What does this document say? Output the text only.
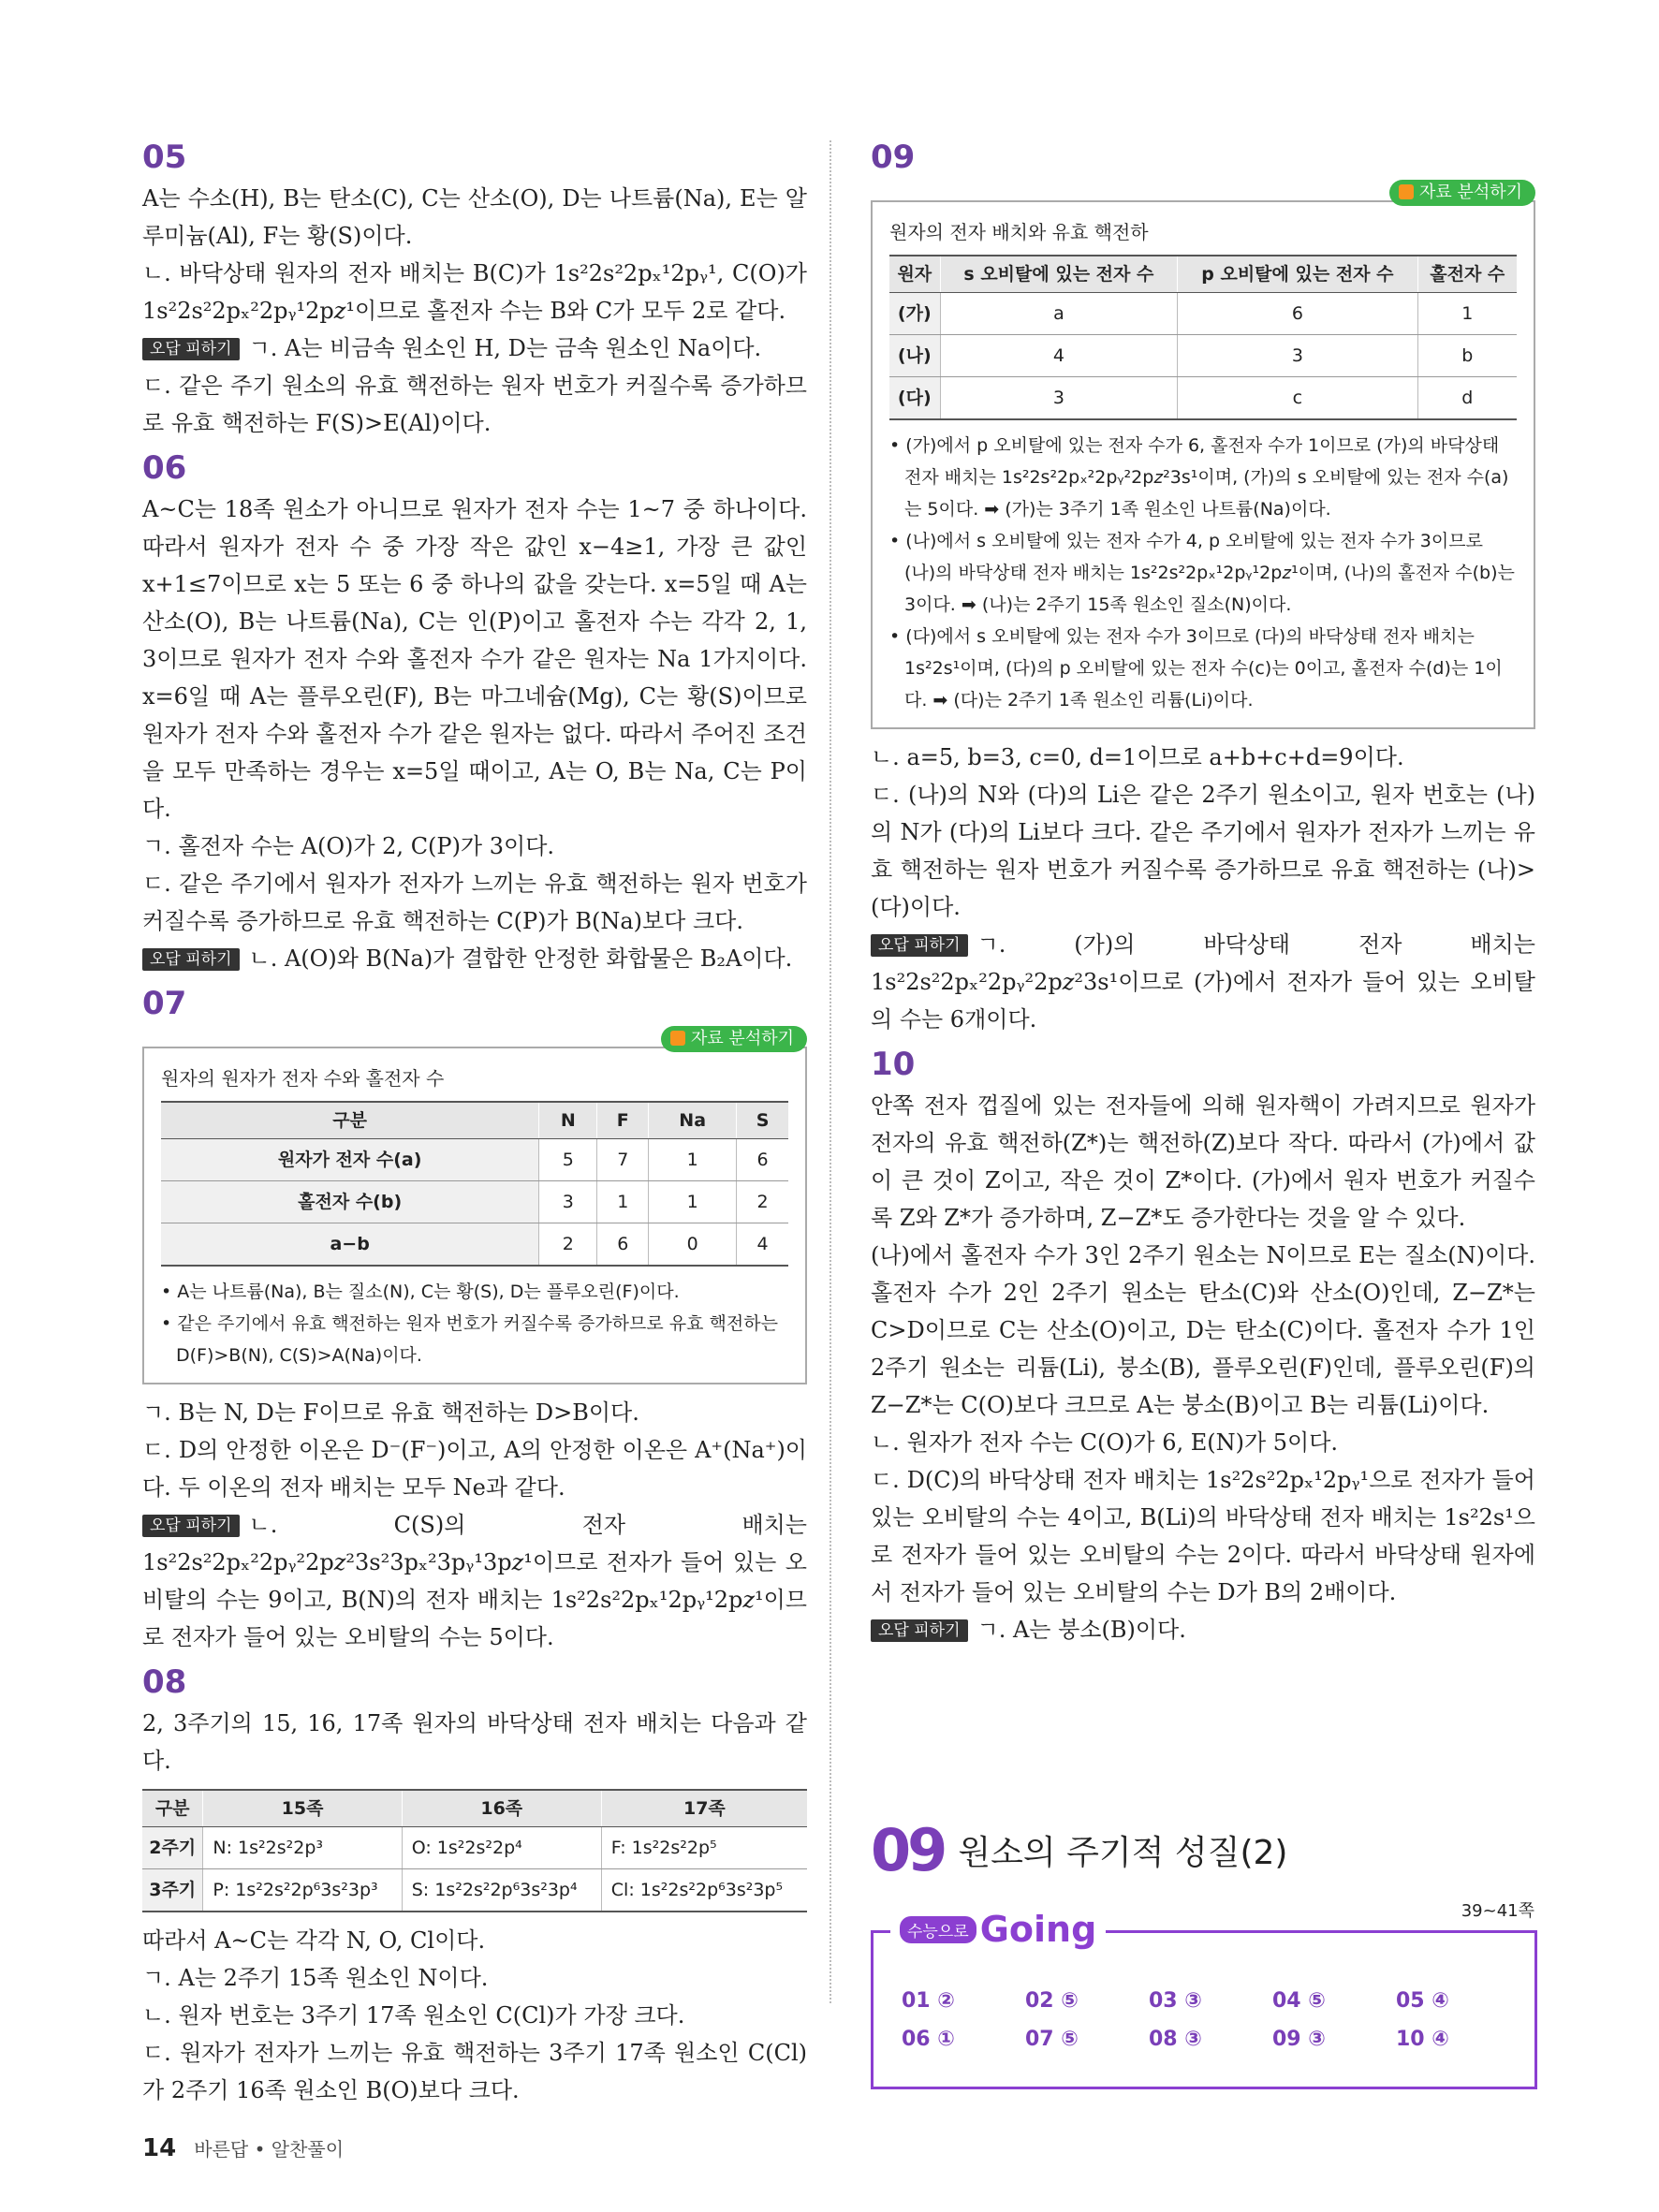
05

A는 수소(H), B는 탄소(C), C는 산소(O), D는 나트륨(Na), E는 알루미늄(Al), F는 황(S)이다.

ㄴ. 바닥상태 원자의 전자 배치는 B(C)가 1s²2s²2pₓ¹2pᵧ¹, C(O)가 1s²2s²2pₓ²2pᵧ¹2p𝑧¹이므로 홀전자 수는 B와 C가 모두 2로 같다.

오답 피하기 ㄱ. A는 비금속 원소인 H, D는 금속 원소인 Na이다.

ㄷ. 같은 주기 원소의 유효 핵전하는 원자 번호가 커질수록 증가하므로 유효 핵전하는 F(S)>E(Al)이다.

06

A~C는 18족 원소가 아니므로 원자가 전자 수는 1~7 중 하나이다. 따라서 원자가 전자 수 중 가장 작은 값인 x−4≥1, 가장 큰 값인 x+1≤7이므로 x는 5 또는 6 중 하나의 값을 갖는다. x=5일 때 A는 산소(O), B는 나트륨(Na), C는 인(P)이고 홀전자 수는 각각 2, 1, 3이므로 원자가 전자 수와 홀전자 수가 같은 원자는 Na 1가지이다. x=6일 때 A는 플루오린(F), B는 마그네슘(Mg), C는 황(S)이므로 원자가 전자 수와 홀전자 수가 같은 원자는 없다. 따라서 주어진 조건을 모두 만족하는 경우는 x=5일 때이고, A는 O, B는 Na, C는 P이다.

ㄱ. 홀전자 수는 A(O)가 2, C(P)가 3이다.

ㄷ. 같은 주기에서 원자가 전자가 느끼는 유효 핵전하는 원자 번호가 커질수록 증가하므로 유효 핵전하는 C(P)가 B(Na)보다 크다.

오답 피하기 ㄴ. A(O)와 B(Na)가 결합한 안정한 화합물은 B₂A이다.

07
자료 분석하기
원자의 원자가 전자 수와 홀전자 수
구분	N	F	Na	S
원자가 전자 수(a)	5	7	1	6
홀전자 수(b)	3	1	1	2
a−b	2	6	0	4
• A는 나트륨(Na), B는 질소(N), C는 황(S), D는 플루오린(F)이다.
• 같은 주기에서 유효 핵전하는 원자 번호가 커질수록 증가하므로 유효 핵전하는 D(F)>B(N), C(S)>A(Na)이다.

ㄱ. B는 N, D는 F이므로 유효 핵전하는 D>B이다.

ㄷ. D의 안정한 이온은 D⁻(F⁻)이고, A의 안정한 이온은 A⁺(Na⁺)이다. 두 이온의 전자 배치는 모두 Ne과 같다.

오답 피하기 ㄴ. C(S)의 전자 배치는 1s²2s²2pₓ²2pᵧ²2p𝑧²3s²3pₓ²3pᵧ¹3p𝑧¹이므로 전자가 들어 있는 오비탈의 수는 9이고, B(N)의 전자 배치는 1s²2s²2pₓ¹2pᵧ¹2p𝑧¹이므로 전자가 들어 있는 오비탈의 수는 5이다.

08

2, 3주기의 15, 16, 17족 원자의 바닥상태 전자 배치는 다음과 같다.

구분	15족	16족	17족
2주기	N: 1s²2s²2p³	O: 1s²2s²2p⁴	F: 1s²2s²2p⁵
3주기	P: 1s²2s²2p⁶3s²3p³	S: 1s²2s²2p⁶3s²3p⁴	Cl: 1s²2s²2p⁶3s²3p⁵

따라서 A~C는 각각 N, O, Cl이다.

ㄱ. A는 2주기 15족 원소인 N이다.

ㄴ. 원자 번호는 3주기 17족 원소인 C(Cl)가 가장 크다.

ㄷ. 원자가 전자가 느끼는 유효 핵전하는 3주기 17족 원소인 C(Cl)가 2주기 16족 원소인 B(O)보다 크다.

09
자료 분석하기
원자의 전자 배치와 유효 핵전하
원자	s 오비탈에 있는 전자 수	p 오비탈에 있는 전자 수	홀전자 수
(가)	a	6	1
(나)	4	3	b
(다)	3	c	d
• (가)에서 p 오비탈에 있는 전자 수가 6, 홀전자 수가 1이므로 (가)의 바닥상태 전자 배치는 1s²2s²2pₓ²2pᵧ²2p𝑧²3s¹이며, (가)의 s 오비탈에 있는 전자 수(a)는 5이다. ➡ (가)는 3주기 1족 원소인 나트륨(Na)이다.
• (나)에서 s 오비탈에 있는 전자 수가 4, p 오비탈에 있는 전자 수가 3이므로 (나)의 바닥상태 전자 배치는 1s²2s²2pₓ¹2pᵧ¹2p𝑧¹이며, (나)의 홀전자 수(b)는 3이다. ➡ (나)는 2주기 15족 원소인 질소(N)이다.
• (다)에서 s 오비탈에 있는 전자 수가 3이므로 (다)의 바닥상태 전자 배치는 1s²2s¹이며, (다)의 p 오비탈에 있는 전자 수(c)는 0이고, 홀전자 수(d)는 1이다. ➡ (다)는 2주기 1족 원소인 리튬(Li)이다.

ㄴ. a=5, b=3, c=0, d=1이므로 a+b+c+d=9이다.

ㄷ. (나)의 N와 (다)의 Li은 같은 2주기 원소이고, 원자 번호는 (나)의 N가 (다)의 Li보다 크다. 같은 주기에서 원자가 전자가 느끼는 유효 핵전하는 원자 번호가 커질수록 증가하므로 유효 핵전하는 (나)>(다)이다.

오답 피하기 ㄱ. (가)의 바닥상태 전자 배치는 1s²2s²2pₓ²2pᵧ²2p𝑧²3s¹이므로 (가)에서 전자가 들어 있는 오비탈의 수는 6개이다.

10

안쪽 전자 껍질에 있는 전자들에 의해 원자핵이 가려지므로 원자가 전자의 유효 핵전하(Z*)는 핵전하(Z)보다 작다. 따라서 (가)에서 값이 큰 것이 Z이고, 작은 것이 Z*이다. (가)에서 원자 번호가 커질수록 Z와 Z*가 증가하며, Z−Z*도 증가한다는 것을 알 수 있다.

(나)에서 홀전자 수가 3인 2주기 원소는 N이므로 E는 질소(N)이다. 홀전자 수가 2인 2주기 원소는 탄소(C)와 산소(O)인데, Z−Z*는 C>D이므로 C는 산소(O)이고, D는 탄소(C)이다. 홀전자 수가 1인 2주기 원소는 리튬(Li), 붕소(B), 플루오린(F)인데, 플루오린(F)의 Z−Z*는 C(O)보다 크므로 A는 붕소(B)이고 B는 리튬(Li)이다.

ㄴ. 원자가 전자 수는 C(O)가 6, E(N)가 5이다.

ㄷ. D(C)의 바닥상태 전자 배치는 1s²2s²2pₓ¹2pᵧ¹으로 전자가 들어 있는 오비탈의 수는 4이고, B(Li)의 바닥상태 전자 배치는 1s²2s¹으로 전자가 들어 있는 오비탈의 수는 2이다. 따라서 바닥상태 원자에서 전자가 들어 있는 오비탈의 수는 D가 B의 2배이다.

오답 피하기 ㄱ. A는 붕소(B)이다.

09 원소의 주기적 성질(2)
수능으로 Going	39~41쪽
01 ②	02 ⑤	03 ③	04 ⑤	05 ④
06 ①	07 ⑤	08 ③	09 ③	10 ④
14 바른답 • 알찬풀이
